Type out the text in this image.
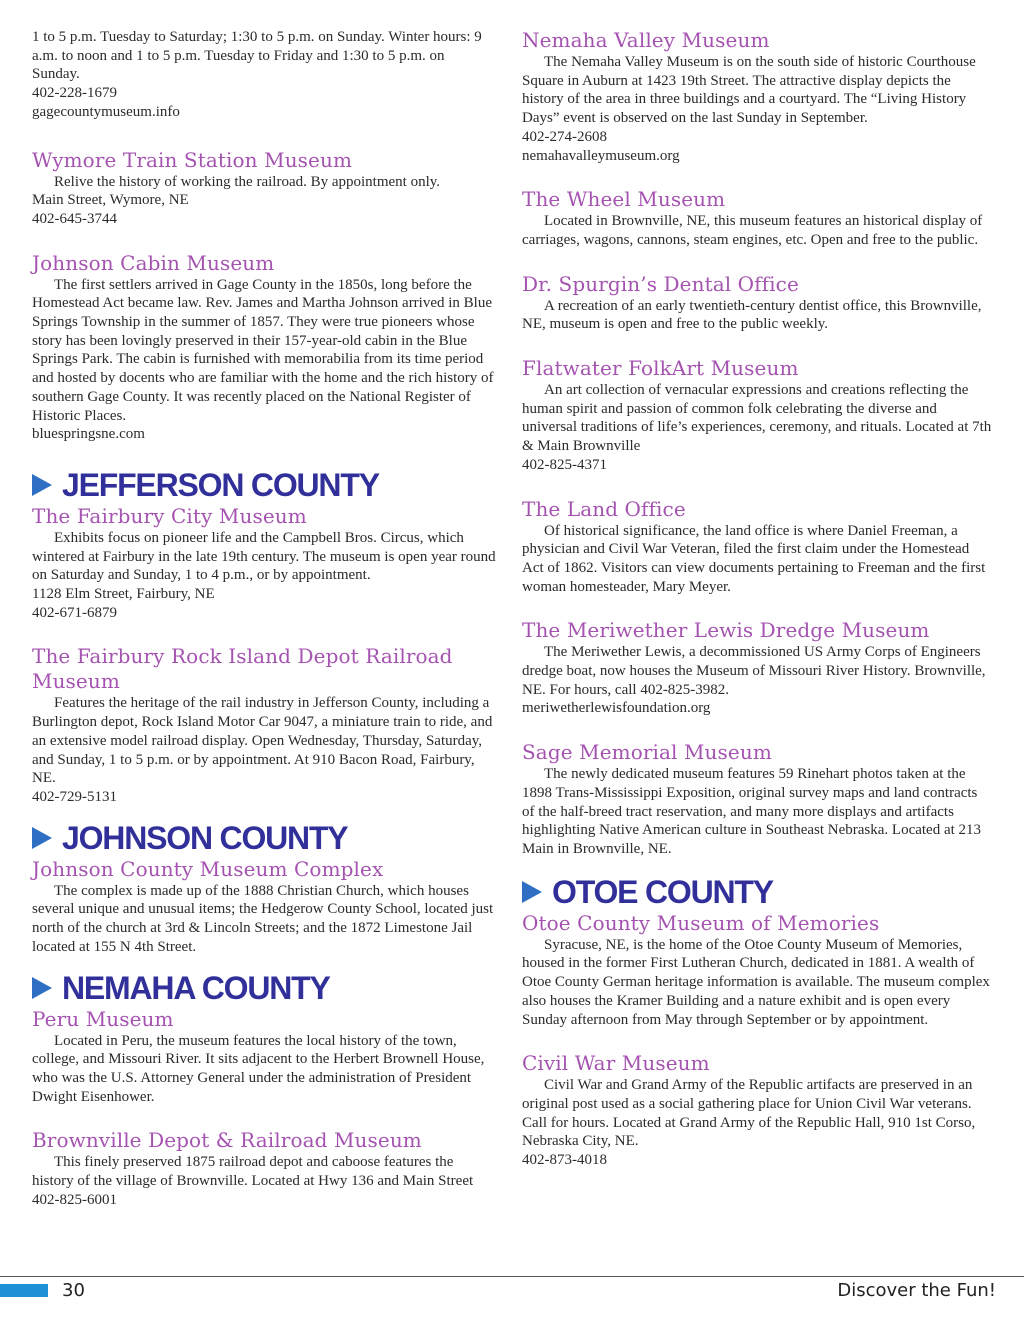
1 to 5 p.m. Tuesday to Saturday; 1:30 to 5 p.m. on Sunday. Winter hours: 9 a.m. to noon and 1 to 5 p.m. Tuesday to Friday and 1:30 to 5 p.m. on Sunday.

402-228-1679

gagecountymuseum.info

Wymore Train Station Museum

Relive the history of working the railroad. By appointment only.

Main Street, Wymore, NE

402-645-3744

Johnson Cabin Museum

The first settlers arrived in Gage County in the 1850s, long before the Homestead Act became law. Rev. James and Martha Johnson arrived in Blue Springs Township in the summer of 1857. They were true pioneers whose story has been lovingly preserved in their 157-year-old cabin in the Blue Springs Park. The cabin is furnished with memorabilia from its time period and hosted by docents who are familiar with the home and the rich history of southern Gage County. It was recently placed on the National Register of Historic Places.

bluespringsne.com

JEFFERSON COUNTY
The Fairbury City Museum

Exhibits focus on pioneer life and the Campbell Bros. Circus, which wintered at Fairbury in the late 19th century. The museum is open year round on Saturday and Sunday, 1 to 4 p.m., or by appointment.

1128 Elm Street, Fairbury, NE

402-671-6879

The Fairbury Rock Island Depot Railroad Museum

Features the heritage of the rail industry in Jefferson County, including a Burlington depot, Rock Island Motor Car 9047, a miniature train to ride, and an extensive model railroad display. Open Wednesday, Thursday, Saturday, and Sunday, 1 to 5 p.m. or by appointment. At 910 Bacon Road, Fairbury, NE.

402-729-5131

JOHNSON COUNTY
Johnson County Museum Complex

The complex is made up of the 1888 Christian Church, which houses several unique and unusual items; the Hedgerow County School, located just north of the church at 3rd & Lincoln Streets; and the 1872 Limestone Jail located at 155 N 4th Street.

NEMAHA COUNTY
Peru Museum

Located in Peru, the museum features the local history of the town, college, and Missouri River. It sits adjacent to the Herbert Brownell House, who was the U.S. Attorney General under the administration of President Dwight Eisenhower.

Brownville Depot & Railroad Museum

This finely preserved 1875 railroad depot and caboose features the history of the village of Brownville. Located at Hwy 136 and Main Street

402-825-6001

Nemaha Valley Museum

The Nemaha Valley Museum is on the south side of historic Courthouse Square in Auburn at 1423 19th Street. The attractive display depicts the history of the area in three buildings and a courtyard. The “Living History Days” event is observed on the last Sunday in September.

402-274-2608

nemahavalleymuseum.org

The Wheel Museum

Located in Brownville, NE, this museum features an historical display of carriages, wagons, cannons, steam engines, etc. Open and free to the public.

Dr. Spurgin’s Dental Office

A recreation of an early twentieth-century dentist office, this Brownville, NE, museum is open and free to the public weekly.

Flatwater FolkArt Museum

An art collection of vernacular expressions and creations reflecting the human spirit and passion of common folk celebrating the diverse and universal traditions of life’s experiences, ceremony, and rituals. Located at 7th & Main Brownville

402-825-4371

The Land Office

Of historical significance, the land office is where Daniel Freeman, a physician and Civil War Veteran, filed the first claim under the Homestead Act of 1862. Visitors can view documents pertaining to Freeman and the first woman homesteader, Mary Meyer.

The Meriwether Lewis Dredge Museum

The Meriwether Lewis, a decommissioned US Army Corps of Engineers dredge boat, now houses the Museum of Missouri River History. Brownville, NE. For hours, call 402-825-3982.

meriwetherlewisfoundation.org

Sage Memorial Museum

The newly dedicated museum features 59 Rinehart photos taken at the 1898 Trans-Mississippi Exposition, original survey maps and land contracts of the half-breed tract reservation, and many more displays and artifacts highlighting Native American culture in Southeast Nebraska. Located at 213 Main in Brownville, NE.

OTOE COUNTY
Otoe County Museum of Memories

Syracuse, NE, is the home of the Otoe County Museum of Memories, housed in the former First Lutheran Church, dedicated in 1881. A wealth of Otoe County German heritage information is available. The museum complex also houses the Kramer Building and a nature exhibit and is open every Sunday afternoon from May through September or by appointment.

Civil War Museum

Civil War and Grand Army of the Republic artifacts are preserved in an original post used as a social gathering place for Union Civil War veterans. Call for hours. Located at Grand Army of the Republic Hall, 910 1st Corso, Nebraska City, NE.

402-873-4018

30	Discover the Fun!
